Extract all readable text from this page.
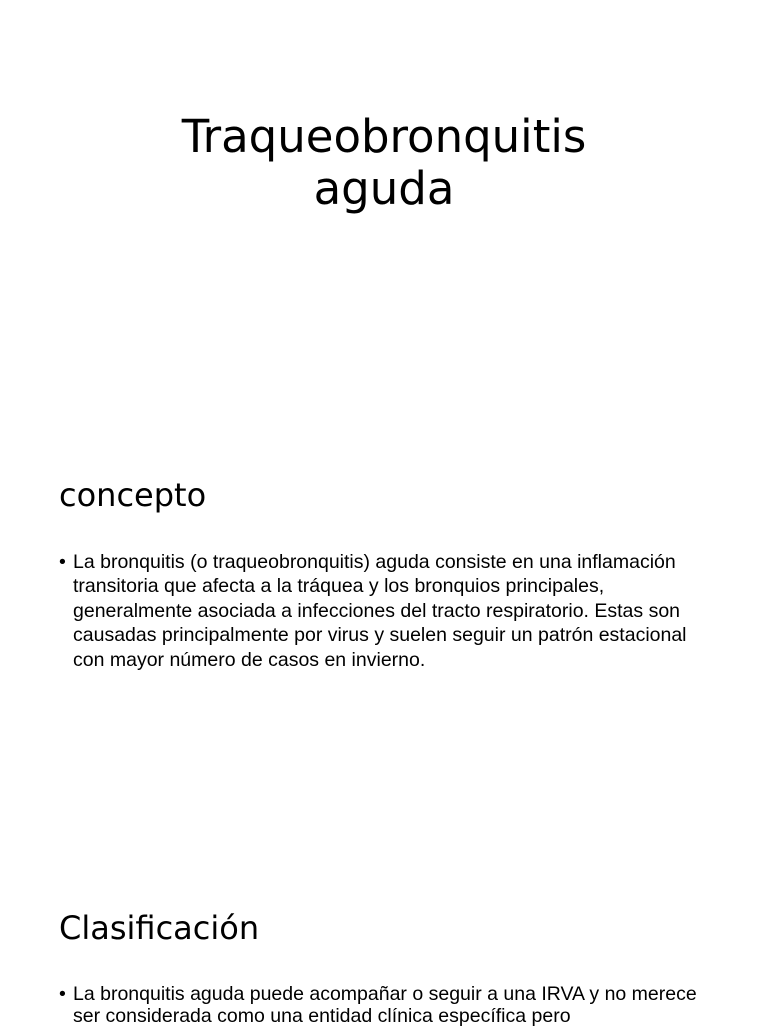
Traqueobronquitis
aguda
concepto
• La bronquitis (o traqueobronquitis) aguda consiste en una inflamación transitoria que afecta a la tráquea y los bronquios principales, generalmente asociada a infecciones del tracto respiratorio. Estas son causadas principalmente por virus y suelen seguir un patrón estacional con mayor número de casos en invierno.
Clasificación
• La bronquitis aguda puede acompañar o seguir a una IRVA y no merece ser considerada como una entidad clínica específica pero
